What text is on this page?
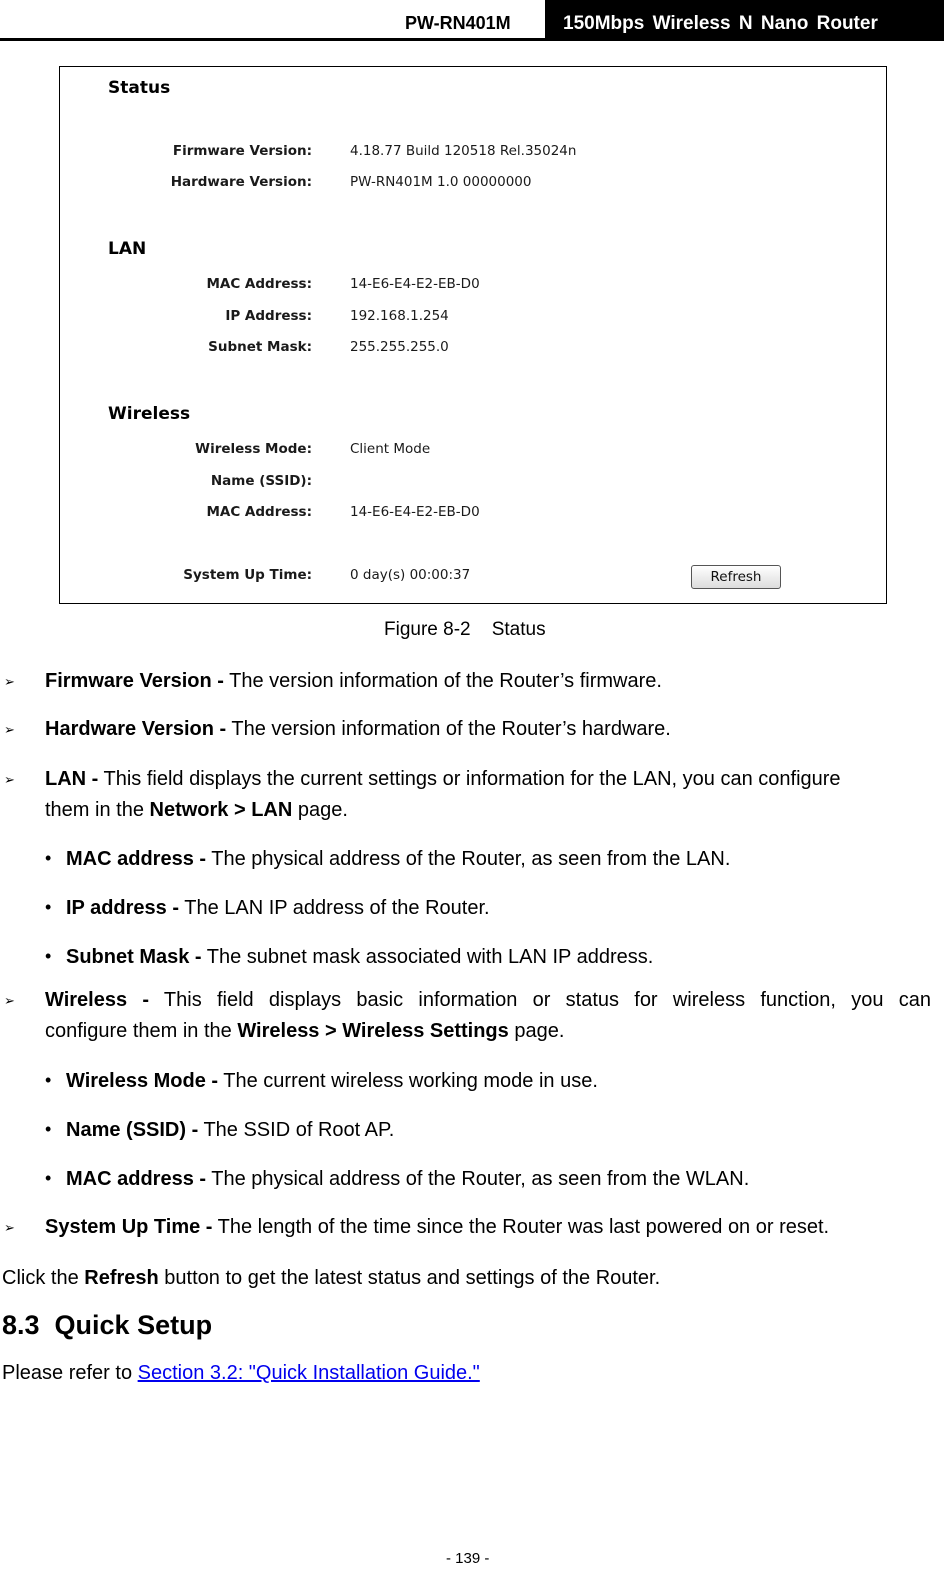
PW-RN401M	150Mbps Wireless N Nano Router
Status
Firmware Version:	4.18.77 Build 120518 Rel.35024n
Hardware Version:	PW-RN401M 1.0 00000000
LAN
MAC Address:	14-E6-E4-E2-EB-D0
IP Address:	192.168.1.254
Subnet Mask:	255.255.255.0
Wireless
Wireless Mode:	Client Mode
Name (SSID):
MAC Address:	14-E6-E4-E2-EB-D0
System Up Time:	0 day(s) 00:00:37	Refresh
Figure 8-2    Status
➢ Firmware Version - The version information of the Router’s firmware.
➢ Hardware Version - The version information of the Router’s hardware.
➢ LAN - This field displays the current settings or information for the LAN, you can configure
them in the Network > LAN page.
• MAC address - The physical address of the Router, as seen from the LAN.
• IP address - The LAN IP address of the Router.
• Subnet Mask - The subnet mask associated with LAN IP address.
➢ Wireless - This field displays basic information or status for wireless function, you can
configure them in the Wireless > Wireless Settings page.
• Wireless Mode - The current wireless working mode in use.
• Name (SSID) - The SSID of Root AP.
• MAC address - The physical address of the Router, as seen from the WLAN.
➢ System Up Time - The length of the time since the Router was last powered on or reset.
Click the Refresh button to get the latest status and settings of the Router.
8.3  Quick Setup
Please refer to Section 3.2: "Quick Installation Guide."
- 139 -
